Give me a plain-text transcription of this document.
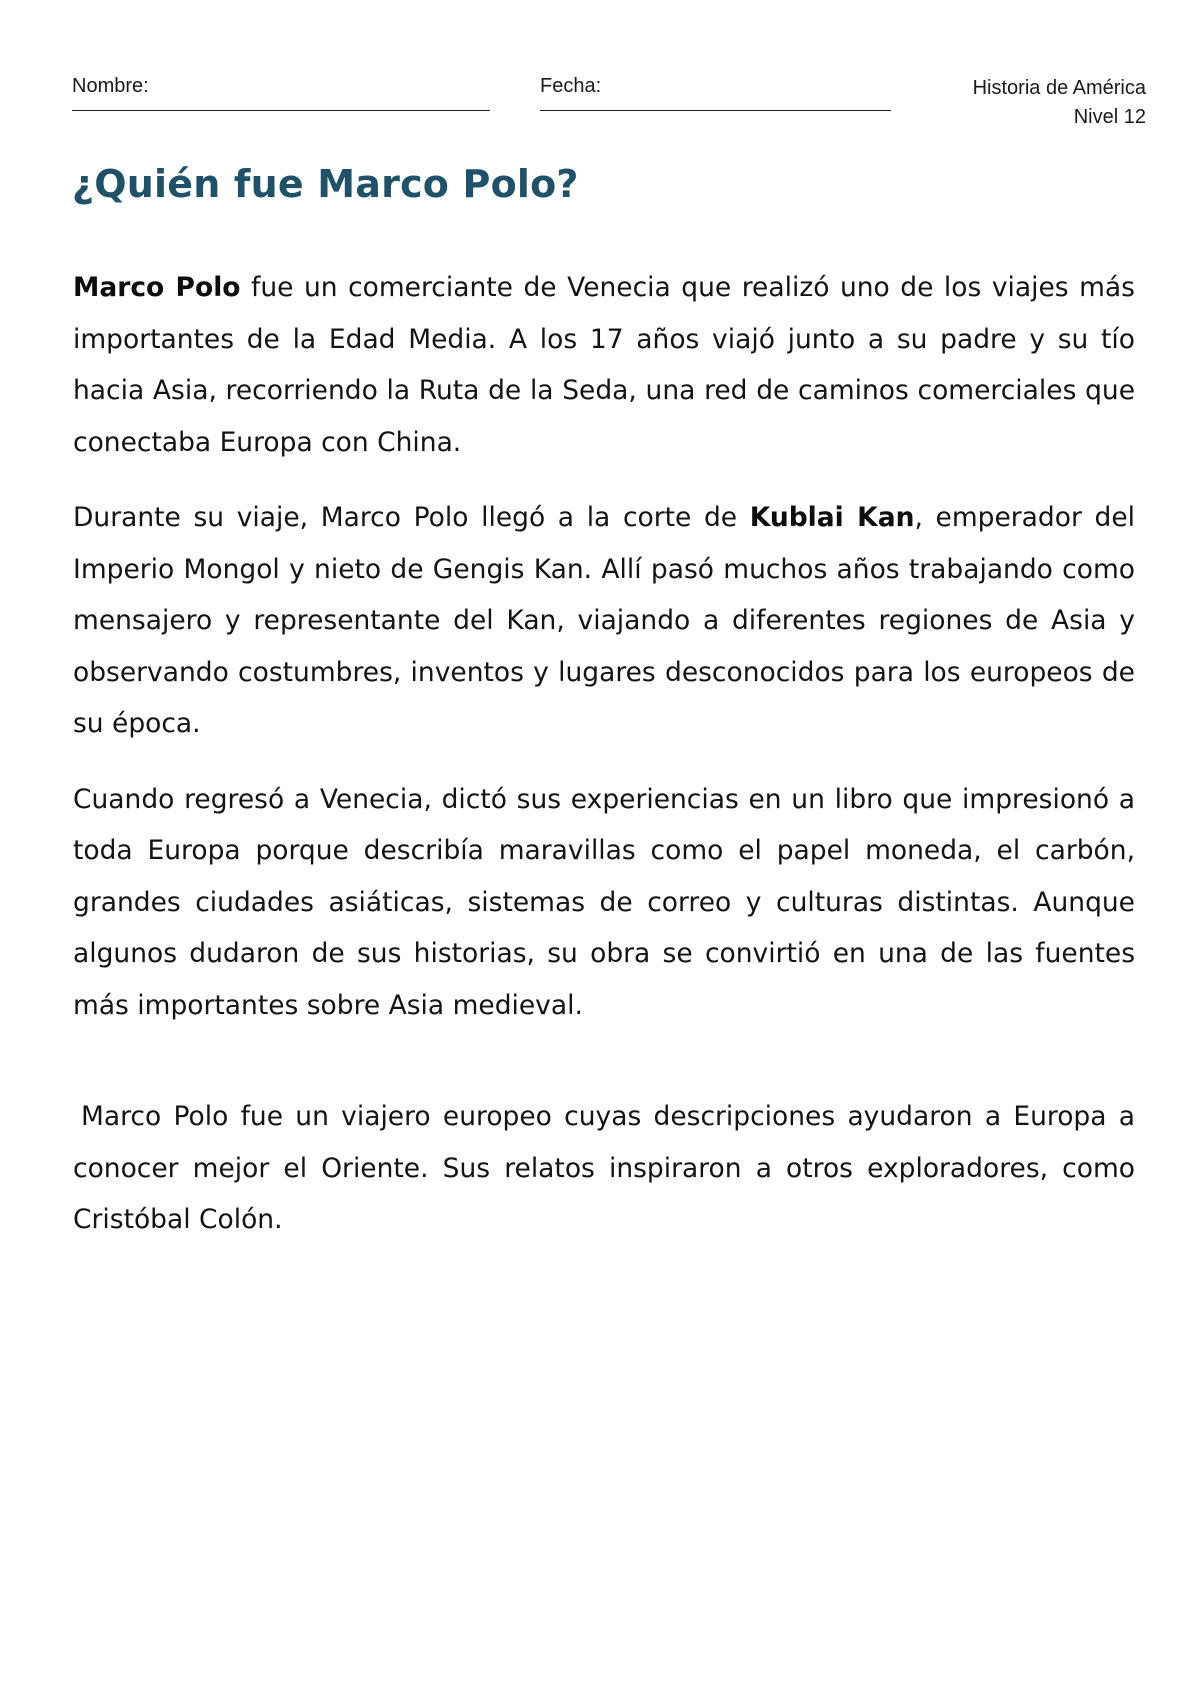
Nombre:	Fecha:	Historia de América
Nivel 12
¿Quién fue Marco Polo?

Marco Polo fue un comerciante de Venecia que realizó uno de los viajes más importantes de la Edad Media. A los 17 años viajó junto a su padre y su tío hacia Asia, recorriendo la Ruta de la Seda, una red de caminos comerciales que conectaba Europa con China.

Durante su viaje, Marco Polo llegó a la corte de Kublai Kan, emperador del Imperio Mongol y nieto de Gengis Kan. Allí pasó muchos años trabajando como mensajero y representante del Kan, viajando a diferentes regiones de Asia y observando costumbres, inventos y lugares desconocidos para los europeos de su época.

Cuando regresó a Venecia, dictó sus experiencias en un libro que impresionó a toda Europa porque describía maravillas como el papel moneda, el carbón, grandes ciudades asiáticas, sistemas de correo y culturas distintas. Aunque algunos dudaron de sus historias, su obra se convirtió en una de las fuentes más importantes sobre Asia medieval.

Marco Polo fue un viajero europeo cuyas descripciones ayudaron a Europa a conocer mejor el Oriente. Sus relatos inspiraron a otros exploradores, como Cristóbal Colón.
